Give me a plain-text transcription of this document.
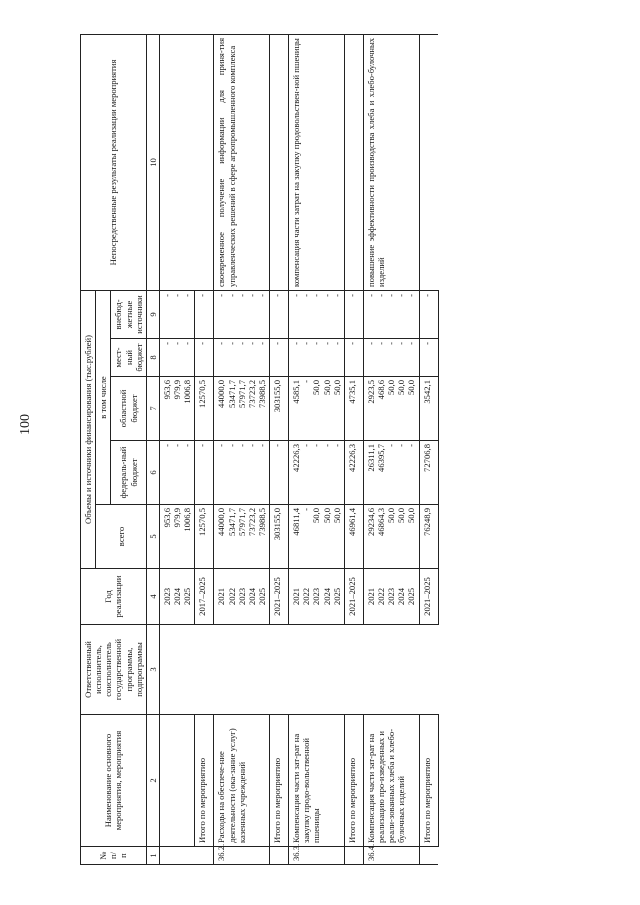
100
№ п/п	Наименование основного мероприятия, мероприятия	Ответственный исполнитель, соисполнитель государственной программы, подпрограммы	Год реализации	Объемы и источники финансирования (тыс.рублей)					Непосредственные результаты реализации мероприятия
				всего	в том числе				
					федераль-ный бюджет	областной бюджет	мест-ный бюджет	внебюд-жетные источники	
1	2	3	4	5	6	7	8	9	10

			2023 2024 2025	953,6 979,9 1006,8	- - -	953,6 979,9 1006,8	- - -	- - -	

	Итого по мероприятию		2017–2025	12570,5	-	12570,5	-	-	
36.2.	Расходы на обеспече-ние деятельности (ока-зание услуг) казенных учреждений		2021 2022 2023 2024 2025	44000,0 53471,7 57971,7 73723,2 73988,5	- - - - -	44000,0 53471,7 57971,7 73723,2 73988,5	- - - - -	- - - - -	своевременное получение информации для приня-тия управленческих решений в сфере агропромышленного комплекса
	Итого по мероприятию		2021–2025	303155,0	-	303155,0	-	-	
36.3.	Компенсация части зат-рат на закупку продо-вольственной пшеницы		2021 2022 2023 2024 2025	46811,4 - 50,0 50,0 50,0	42226,3 - - - -	4585,1 - 50,0 50,0 50,0	- - - - -	- - - - -	компенсация части затрат на закупку продовольствен-ной пшеницы
	Итого по мероприятию		2021–2025	46961,4	42226,3	4735,1	-	-	
36.4.	Компенсация части зат-рат на реализацию про-изведенных и реали-зованных хлеба и хлебо-булочных изделий		2021 2022 2023 2024 2025	29234,6 46864,3 50,0 50,0 50,0	26311,1 46395,7 - - -	2923,5 468,6 50,0 50,0 50,0	- - - - -	- - - - -	повышение эффективности производства хлеба и хлебо-булочных изделий
	Итого по мероприятию		2021–2025	76248,9	72706,8	3542,1	-	-	
